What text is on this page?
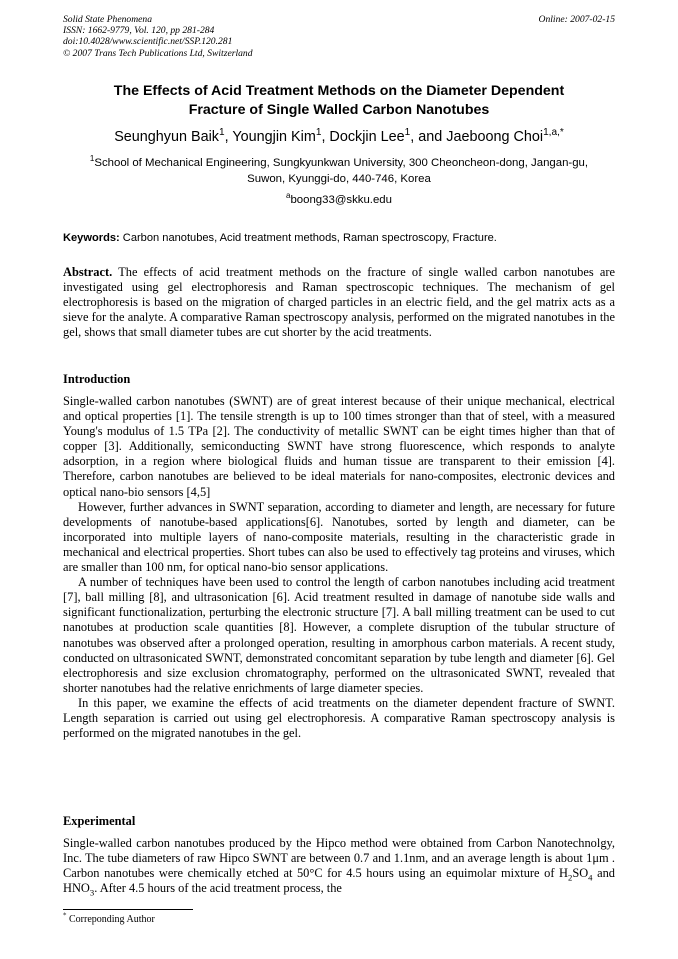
Solid State Phenomena
ISSN: 1662-9779, Vol. 120, pp 281-284
doi:10.4028/www.scientific.net/SSP.120.281
© 2007 Trans Tech Publications Ltd, Switzerland
Online: 2007-02-15
The Effects of Acid Treatment Methods on the Diameter Dependent
Fracture of Single Walled Carbon Nanotubes
Seunghyun Baik$^1$, Youngjin Kim$^1$, Dockjin Lee$^1$, and Jaeboong Choi$^{1,a,*}$
$^1$School of Mechanical Engineering, Sungkyunkwan University, 300 Cheoncheon-dong, Jangan-gu,
Suwon, Kyunggi-do, 440-746, Korea
$^a$boong33@skku.edu
Keywords: Carbon nanotubes, Acid treatment methods, Raman spectroscopy, Fracture.

Abstract. The effects of acid treatment methods on the fracture of single walled carbon nanotubes are investigated using gel electrophoresis and Raman spectroscopic techniques. The mechanism of gel electrophoresis is based on the migration of charged particles in an electric field, and the gel matrix acts as a sieve for the analyte. A comparative Raman spectroscopy analysis, performed on the migrated nanotubes in the gel, shows that small diameter tubes are cut shorter by the acid treatments.

Introduction

Single-walled carbon nanotubes (SWNT) are of great interest because of their unique mechanical, electrical and optical properties [1]. The tensile strength is up to 100 times stronger than that of steel, with a measured Young's modulus of 1.5 TPa [2]. The conductivity of metallic SWNT can be eight times higher than that of copper [3]. Additionally, semiconducting SWNT have strong fluorescence, which responds to analyte adsorption, in a region where biological fluids and human tissue are transparent to their emission [4]. Therefore, carbon nanotubes are believed to be ideal materials for nano-composites, electronic devices and optical nano-bio sensors [4,5]

However, further advances in SWNT separation, according to diameter and length, are necessary for future developments of nanotube-based applications[6]. Nanotubes, sorted by length and diameter, can be incorporated into multiple layers of nano-composite materials, resulting in the characteristic grade in mechanical and electrical properties. Short tubes can also be used to effectively tag proteins and viruses, which are smaller than 100 nm, for optical nano-bio sensor applications.

A number of techniques have been used to control the length of carbon nanotubes including acid treatment [7], ball milling [8], and ultrasonication [6]. Acid treatment resulted in damage of nanotube side walls and significant functionalization, perturbing the electronic structure [7]. A ball milling treatment can be used to cut nanotubes at production scale quantities [8]. However, a complete disruption of the tubular structure of nanotubes was observed after a prolonged operation, resulting in amorphous carbon materials. A recent study, conducted on ultrasonicated SWNT, demonstrated concomitant separation by tube length and diameter [6]. Gel electrophoresis and size exclusion chromatography, performed on the ultrasonicated SWNT, revealed that shorter nanotubes had the relative enrichments of large diameter species.

In this paper, we examine the effects of acid treatments on the diameter dependent fracture of SWNT. Length separation is carried out using gel electrophoresis. A comparative Raman spectroscopy analysis is performed on the migrated nanotubes in the gel.

Experimental

Single-walled carbon nanotubes produced by the Hipco method were obtained from Carbon Nanotechnolgy, Inc. The tube diameters of raw Hipco SWNT are between 0.7 and 1.1nm, and an average length is about 1μm . Carbon nanotubes were chemically etched at 50°C for 4.5 hours using an equimolar mixture of $H_2SO_4$ and $HNO_3$. After 4.5 hours of the acid treatment process, the

* Correponding Author
